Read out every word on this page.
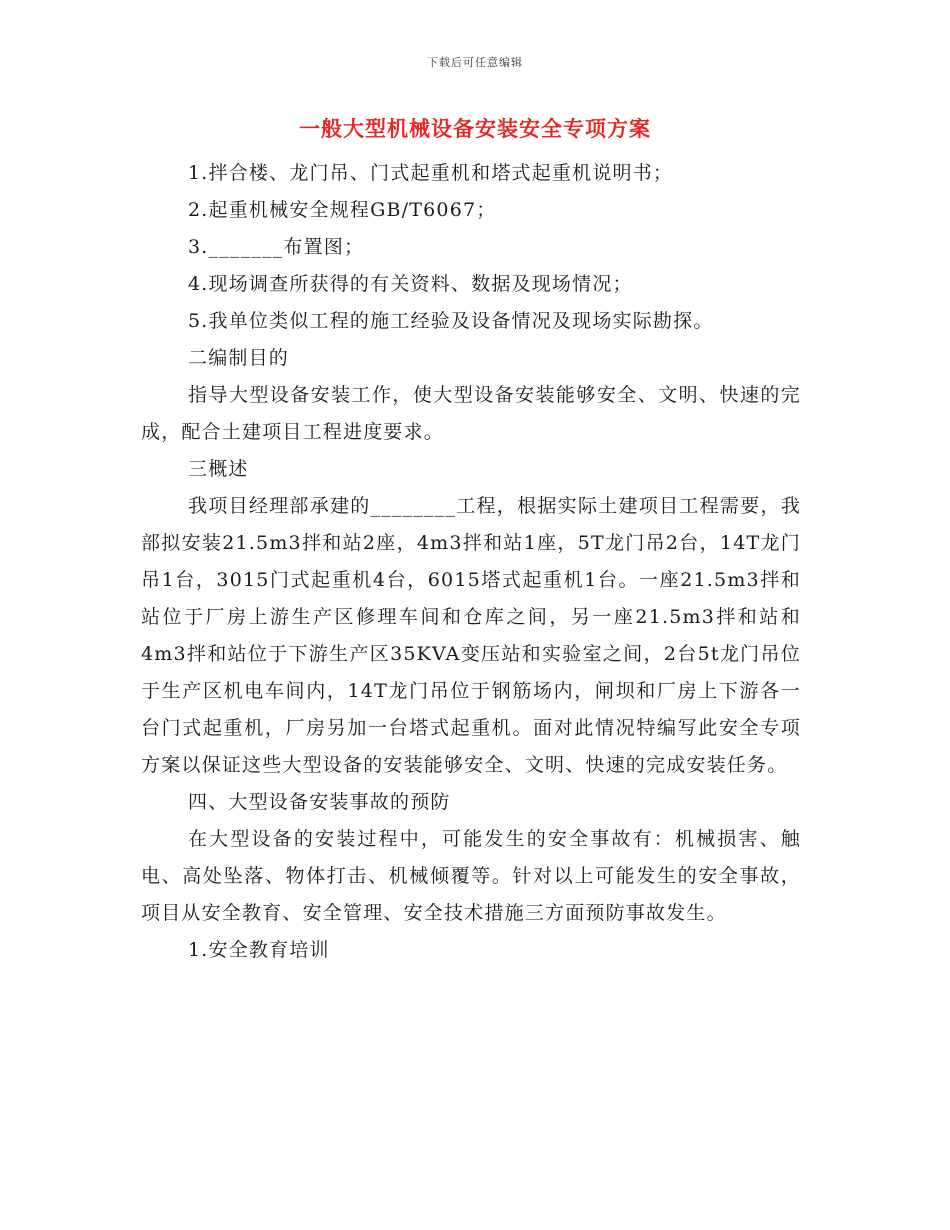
下载后可任意编辑
一般大型机械设备安装安全专项方案

1.拌合楼、龙门吊、门式起重机和塔式起重机说明书；

2.起重机械安全规程GB/T6067；

3._______布置图；

4.现场调查所获得的有关资料、数据及现场情况；

5.我单位类似工程的施工经验及设备情况及现场实际勘探。

二编制目的

指导大型设备安装工作，使大型设备安装能够安全、文明、快速的完成，配合土建项目工程进度要求。

三概述

我项目经理部承建的________工程，根据实际土建项目工程需要，我部拟安装21.5m3拌和站2座，4m3拌和站1座，5T龙门吊2台，14T龙门吊1台，3015门式起重机4台，6015塔式起重机1台。一座21.5m3拌和站位于厂房上游生产区修理车间和仓库之间，另一座21.5m3拌和站和4m3拌和站位于下游生产区35KVA变压站和实验室之间，2台5t龙门吊位于生产区机电车间内，14T龙门吊位于钢筋场内，闸坝和厂房上下游各一台门式起重机，厂房另加一台塔式起重机。面对此情况特编写此安全专项方案以保证这些大型设备的安装能够安全、文明、快速的完成安装任务。

四、大型设备安装事故的预防

在大型设备的安装过程中，可能发生的安全事故有：机械损害、触电、高处坠落、物体打击、机械倾覆等。针对以上可能发生的安全事故，项目从安全教育、安全管理、安全技术措施三方面预防事故发生。

1.安全教育培训
